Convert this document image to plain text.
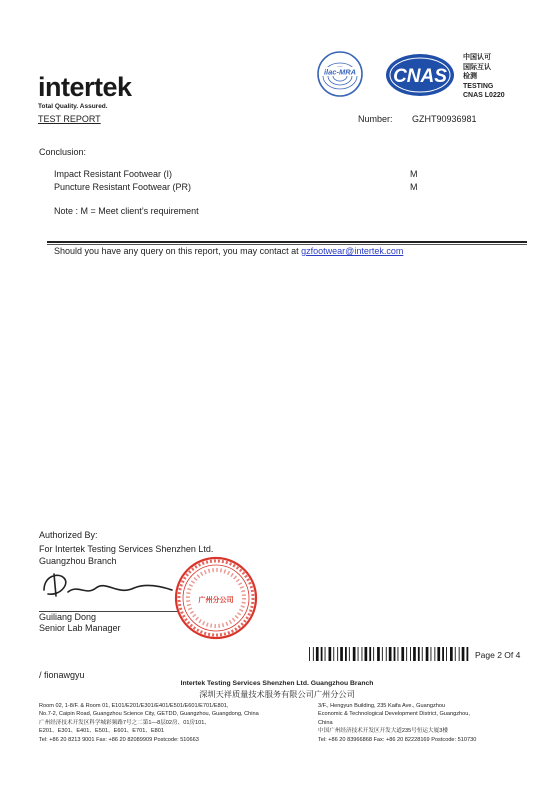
intertek
Total Quality. Assured.
TEST REPORT
ilac-MRA CNAS
中国认可
国际互认
检测
TESTING
CNAS L0220
Number: GZHT90936981
Conclusion:
Impact Resistant Footwear (I)	M
Puncture Resistant Footwear (PR)	M
Note : M = Meet client’s requirement
Should you have any query on this report, you may contact at gzfootwear@intertek.com
Authorized By:
For Intertek Testing Services Shenzhen Ltd.
Guangzhou Branch
广州分公司
Guiliang Dong
Senior Lab Manager
Page 2 Of 4
/ fionawgyu
Intertek Testing Services Shenzhen Ltd. Guangzhou Branch
深圳天祥质量技术服务有限公司广州分公司
Room 02, 1-8/F. & Room 01, E101/E201/E301/E401/E501/E601/E701/E801,
No.7-2, Caipin Road, Guangzhou Science City, GETDD, Guangzhou, Guangdong, China
广州经济技术开发区科学城彩频路7号之二第1—8层02房、01房101、
E201、E301、E401、E501、E601、E701、E801
Tel: +86 20 8213 9001 Fax: +86 20 82089909 Postcode: 510663
3/F., Hengyun Building, 235 Kaifa Ave., Guangzhou
Economic & Technological Development District, Guangzhou,
China
中国广州经济技术开发区开发大道235号恒运大厦3楼
Tel: +86 20 83966868 Fax: +86 20 82228169 Postcode: 510730
